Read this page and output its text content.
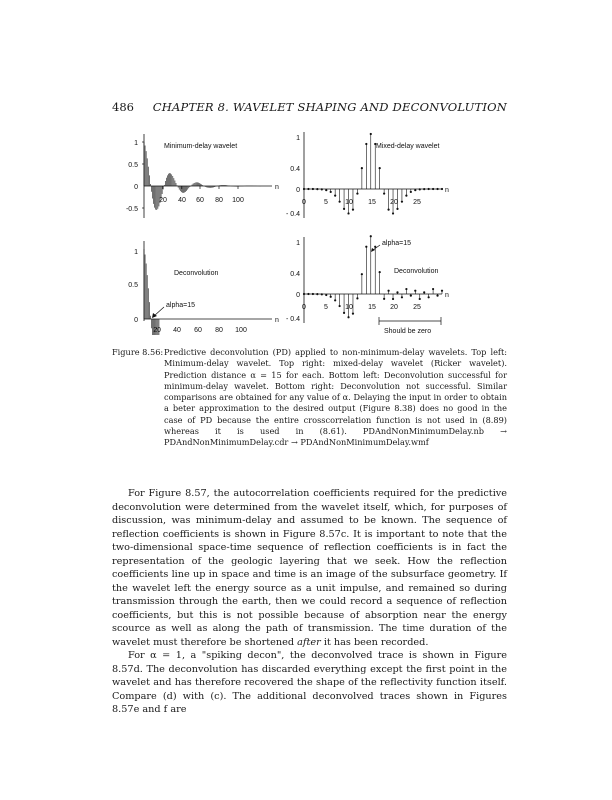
486 CHAPTER 8. WAVELET SHAPING AND DECONVOLUTION
1
0.5
0
-0.5
20 40 60 80 100
n
Minimum-delay wavelet
1
0.4
0
- 0.4
0	5 10 15 20 25
n
Mixed-delay wavelet
1
0.5
0
20 40 60 80 100
n
Deconvolution
alpha=15
1
0.4
0
- 0.4
0	5 10 15 20 25
n
Deconvolution
alpha=15
Should be zero
Figure 8.56: Predictive deconvolution (PD) applied to non-minimum-delay wavelets. Top left: Minimum-delay wavelet. Top right: mixed-delay wavelet (Ricker wavelet). Prediction distance α = 15 for each. Bottom left: Deconvolution successful for minimum-delay wavelet. Bottom right: Deconvolution not successful. Similar comparisons are obtained for any value of α. Delaying the input in order to obtain a beter approximation to the desired output (Figure 8.38) does no good in the case of PD because the entire crosscorrelation function is not used in (8.89) whereas it is used in (8.61). PDAndNonMinimumDelay.nb → PDAndNonMinimumDelay.cdr → PDAndNonMinimumDelay.wmf

For Figure 8.57, the autocorrelation coefficients required for the predictive deconvolution were determined from the wavelet itself, which, for purposes of discussion, was minimum-delay and assumed to be known. The sequence of reflection coefficients is shown in Figure 8.57c. It is important to note that the two-dimensional space-time sequence of reflection coefficients is in fact the representation of the geologic layering that we seek. How the reflection coefficients line up in space and time is an image of the subsurface geometry. If the wavelet left the energy source as a unit impulse, and remained so during transmission through the earth, then we could record a sequence of reflection coefficients, but this is not possible because of absorption near the energy scource as well as along the path of transmission. The time duration of the wavelet must therefore be shortened after it has been recorded.

For α = 1, a "spiking decon", the deconvolved trace is shown in Figure 8.57d. The deconvolution has discarded everything except the first point in the wavelet and has therefore recovered the shape of the reflectivity function itself. Compare (d) with (c). The additional deconvolved traces shown in Figures 8.57e and f are
